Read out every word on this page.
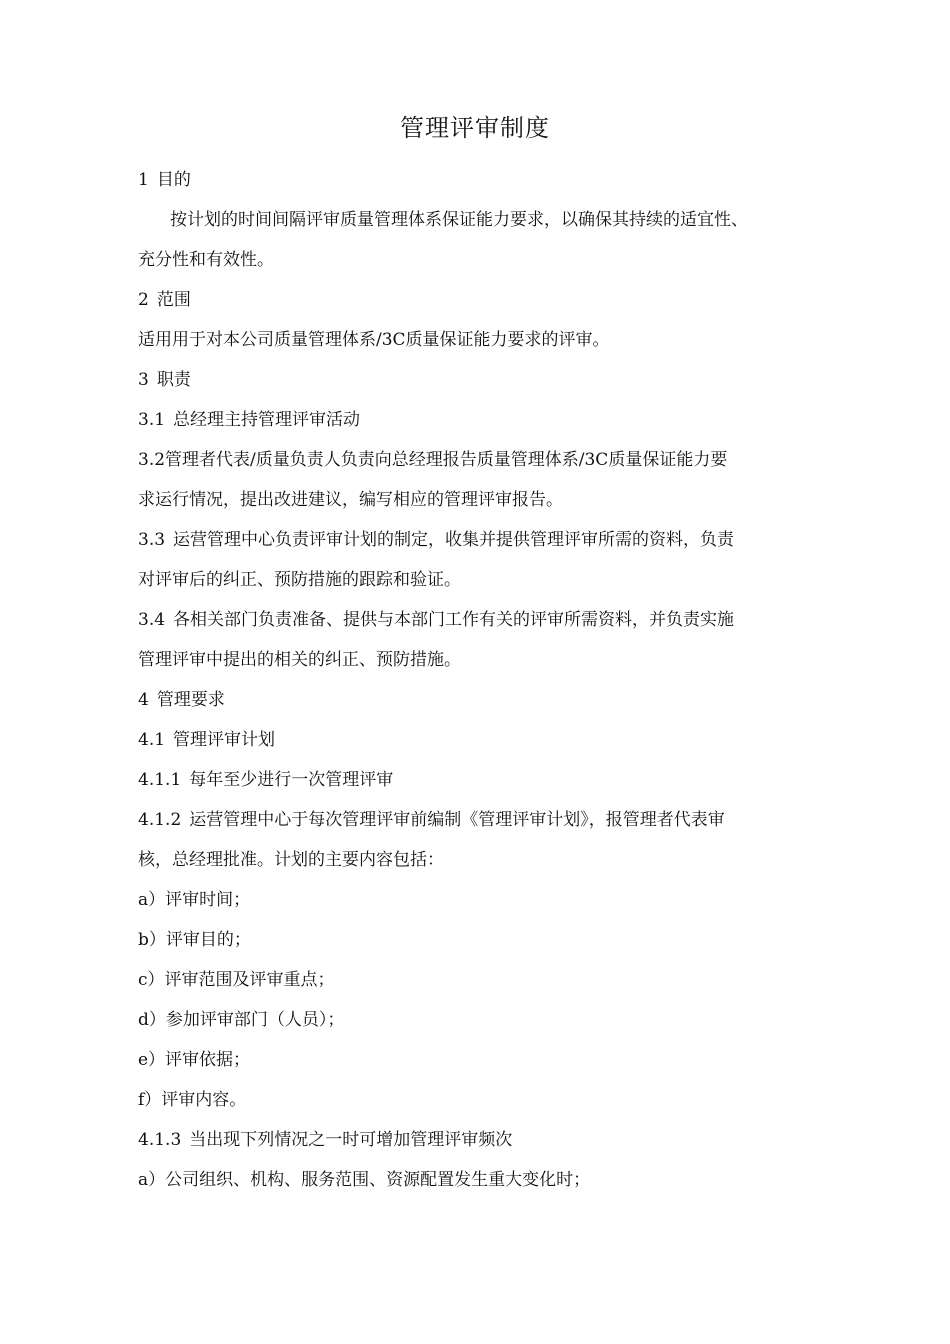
管理评审制度
1 目的
按计划的时间间隔评审质量管理体系保证能力要求，以确保其持续的适宜性、
充分性和有效性。
2 范围
适用用于对本公司质量管理体系/3C质量保证能力要求的评审。
3 职责
3.1 总经理主持管理评审活动
3.2管理者代表/质量负责人负责向总经理报告质量管理体系/3C质量保证能力要
求运行情况，提出改进建议，编写相应的管理评审报告。
3.3 运营管理中心负责评审计划的制定，收集并提供管理评审所需的资料，负责
对评审后的纠正、预防措施的跟踪和验证。
3.4 各相关部门负责准备、提供与本部门工作有关的评审所需资料，并负责实施
管理评审中提出的相关的纠正、预防措施。
4 管理要求
4.1 管理评审计划
4.1.1 每年至少进行一次管理评审
4.1.2 运营管理中心于每次管理评审前编制《管理评审计划》，报管理者代表审
核，总经理批准。计划的主要内容包括：
a）评审时间；
b）评审目的；
c）评审范围及评审重点；
d）参加评审部门（人员）；
e）评审依据；
f）评审内容。
4.1.3 当出现下列情况之一时可增加管理评审频次
a）公司组织、机构、服务范围、资源配置发生重大变化时；
